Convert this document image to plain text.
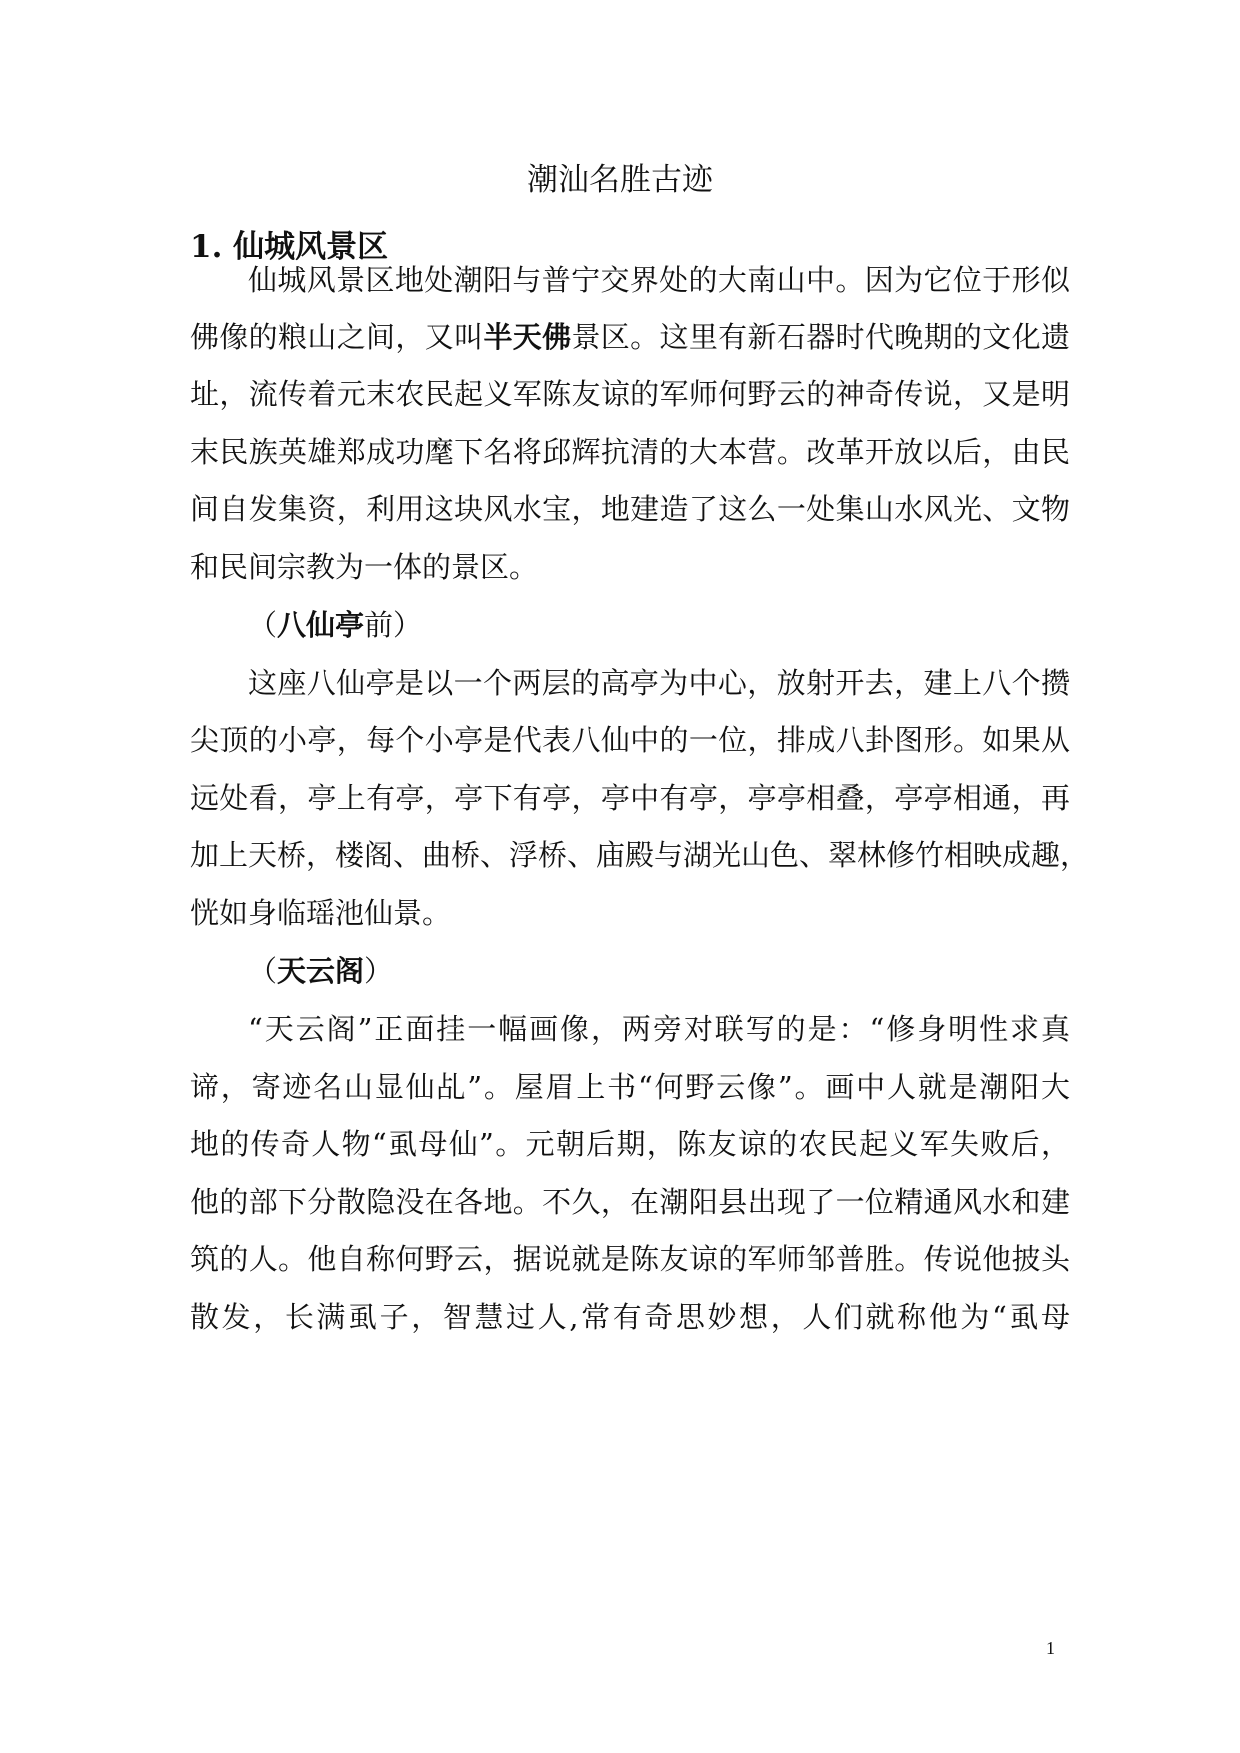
潮汕名胜古迹
1. 仙城风景区

仙城风景区地处潮阳与普宁交界处的大南山中。因为它位于形似

佛像的粮山之间，又叫半天佛景区。这里有新石器时代晚期的文化遗

址，流传着元末农民起义军陈友谅的军师何野云的神奇传说，又是明

末民族英雄郑成功麾下名将邱辉抗清的大本营。改革开放以后，由民

间自发集资，利用这块风水宝，地建造了这么一处集山水风光、文物

和民间宗教为一体的景区。

（八仙亭前）

这座八仙亭是以一个两层的高亭为中心，放射开去，建上八个攒

尖顶的小亭，每个小亭是代表八仙中的一位，排成八卦图形。如果从

远处看，亭上有亭，亭下有亭，亭中有亭，亭亭相叠，亭亭相通，再

加上天桥，楼阁、曲桥、浮桥、庙殿与湖光山色、翠林修竹相映成趣，

恍如身临瑶池仙景。

（天云阁）

“天云阁”正面挂一幅画像，两旁对联写的是：“修身明性求真

谛，寄迹名山显仙乩”。屋眉上书“何野云像”。画中人就是潮阳大

地的传奇人物“虱母仙”。元朝后期，陈友谅的农民起义军失败后，

他的部下分散隐没在各地。不久，在潮阳县出现了一位精通风水和建

筑的人。他自称何野云，据说就是陈友谅的军师邹普胜。传说他披头

散发，长满虱子，智慧过人,常有奇思妙想，人们就称他为“虱母

1
